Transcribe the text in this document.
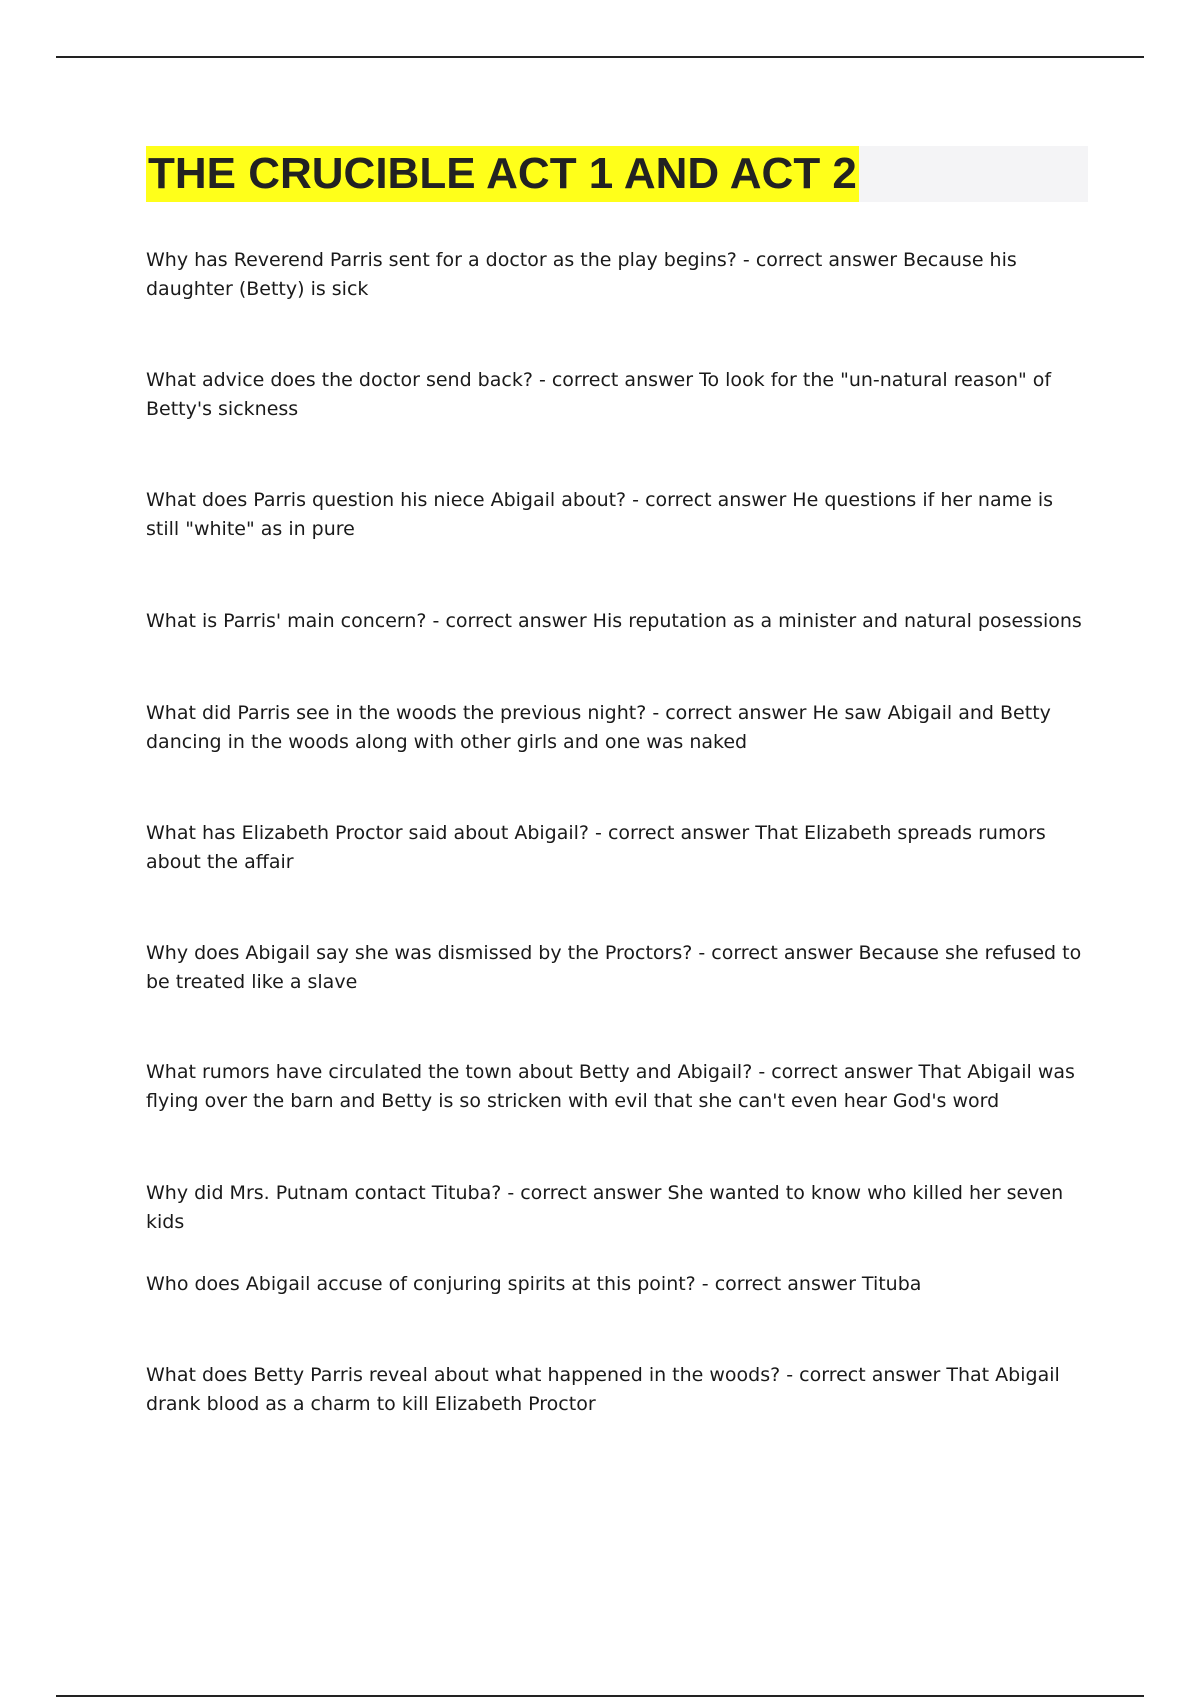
THE CRUCIBLE ACT 1 AND ACT 2

Why has Reverend Parris sent for a doctor as the play begins? - correct answer Because his daughter (Betty) is sick

What advice does the doctor send back? - correct answer To look for the "un-natural reason" of Betty's sickness

What does Parris question his niece Abigail about? - correct answer He questions if her name is still "white" as in pure

What is Parris' main concern? - correct answer His reputation as a minister and natural posessions

What did Parris see in the woods the previous night? - correct answer He saw Abigail and Betty dancing in the woods along with other girls and one was naked

What has Elizabeth Proctor said about Abigail? - correct answer That Elizabeth spreads rumors about the affair

Why does Abigail say she was dismissed by the Proctors? - correct answer Because she refused to be treated like a slave

What rumors have circulated the town about Betty and Abigail? - correct answer That Abigail was flying over the barn and Betty is so stricken with evil that she can't even hear God's word

Why did Mrs. Putnam contact Tituba? - correct answer She wanted to know who killed her seven kids

Who does Abigail accuse of conjuring spirits at this point? - correct answer Tituba

What does Betty Parris reveal about what happened in the woods? - correct answer That Abigail drank blood as a charm to kill Elizabeth Proctor
